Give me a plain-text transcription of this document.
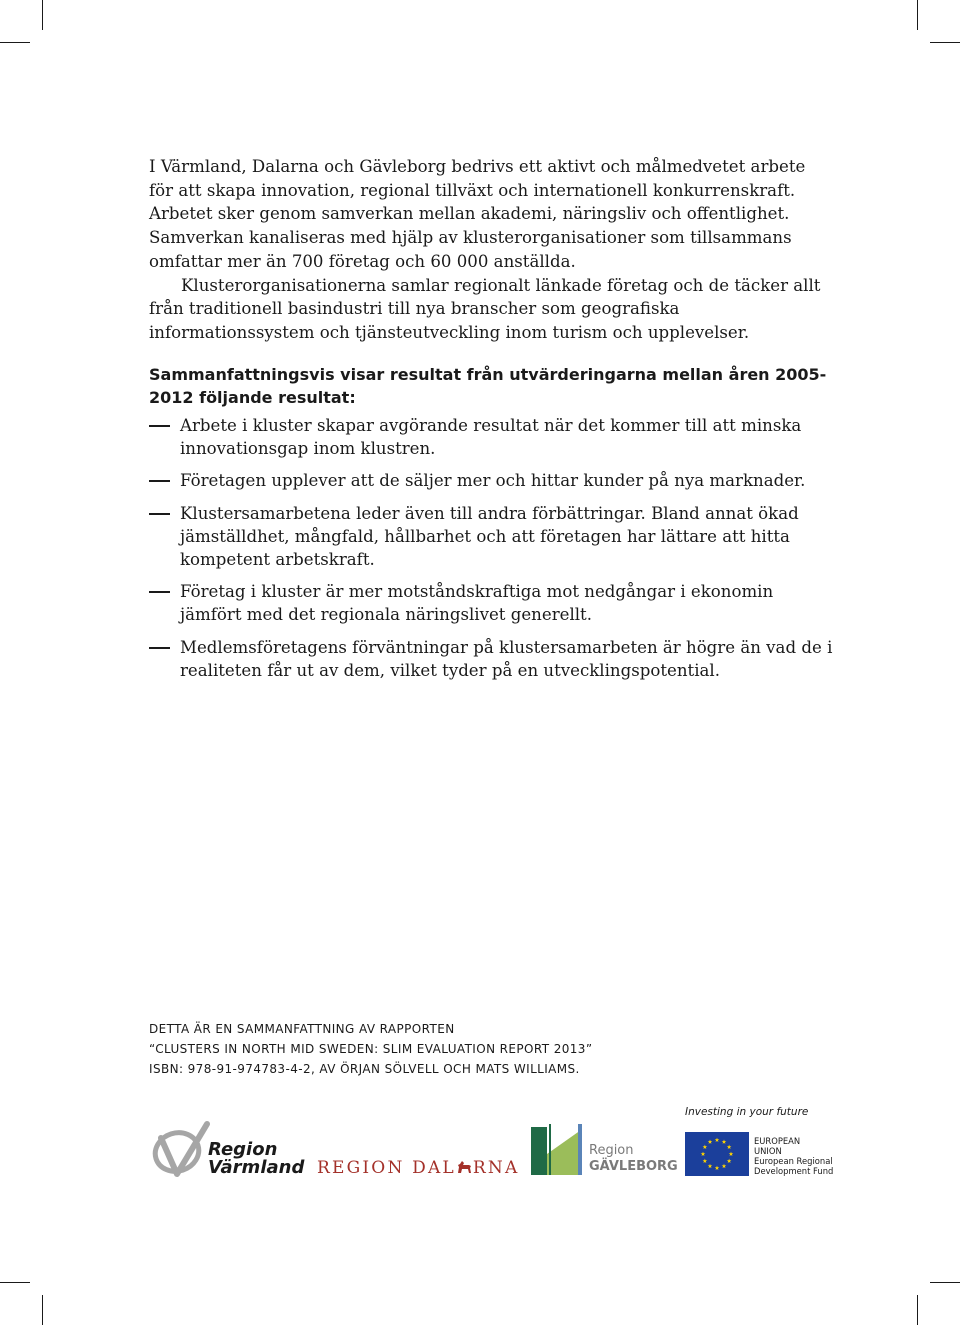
I Värmland, Dalarna och Gävleborg bedrivs ett aktivt och målmedvetet arbete för att skapa innovation, regional tillväxt och internationell konkurrenskraft. Arbetet sker genom samverkan mellan akademi, näringsliv och offentlighet. Samverkan kanaliseras med hjälp av klusterorganisationer som tillsammans omfattar mer än 700 företag och 60 000 anställda.

Klusterorganisationerna samlar regionalt länkade företag och de täcker allt från traditionell basindustri till nya branscher som geografiska informationssystem och tjänsteutveckling inom turism och upplevelser.

Sammanfattningsvis visar resultat från utvärderingarna mellan åren 2005-2012 följande resultat:

Arbete i kluster skapar avgörande resultat när det kommer till att minska innovationsgap inom klustren.
Företagen upplever att de säljer mer och hittar kunder på nya marknader.
Klustersamarbetena leder även till andra förbättringar. Bland annat ökad jämställdhet, mångfald, hållbarhet och att företagen har lättare att hitta kompetent arbetskraft.
Företag i kluster är mer motståndskraftiga mot nedgångar i ekonomin jämfört med det regionala näringslivet generellt.
Medlemsföretagens förväntningar på klustersamarbeten är högre än vad de i realiteten får ut av dem, vilket tyder på en utvecklingspotential.
DETTA ÄR EN SAMMANFATTNING AV RAPPORTEN
“CLUSTERS IN NORTH MID SWEDEN: SLIM EVALUATION REPORT 2013”
ISBN: 978-91-974783-4-2, AV ÖRJAN SÖLVELL OCH MATS WILLIAMS.
Region
Värmland REGION DAL RNA
Region
GÄVLEBORG
Investing in your future
EUROPEAN
UNION
European Regional
Development Fund
